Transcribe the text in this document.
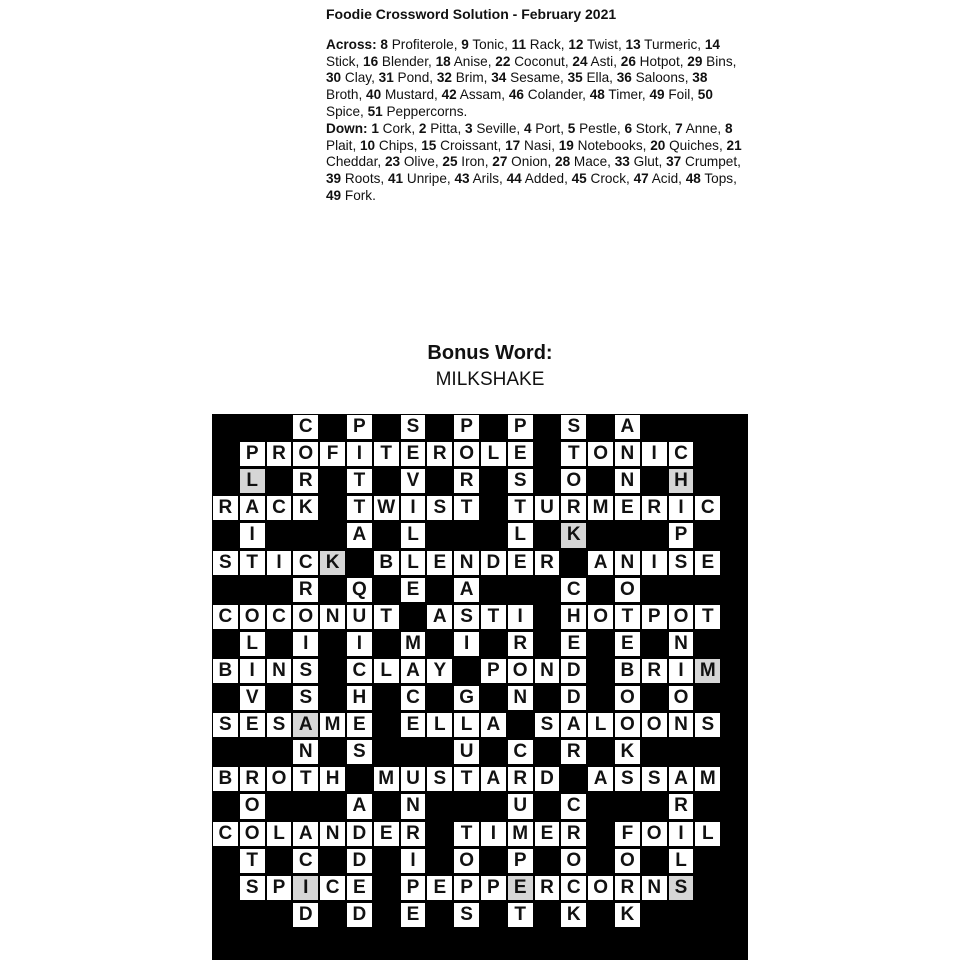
Foodie Crossword Solution - February 2021

Across: 8 Profiterole, 9 Tonic, 11 Rack, 12 Twist, 13 Turmeric, 14 Stick, 16 Blender, 18 Anise, 22 Coconut, 24 Asti, 26 Hotpot, 29 Bins, 30 Clay, 31 Pond, 32 Brim, 34 Sesame, 35 Ella, 36 Saloons, 38 Broth, 40 Mustard, 42 Assam, 46 Colander, 48 Timer, 49 Foil, 50 Spice, 51 Peppercorns.

Down: 1 Cork, 2 Pitta, 3 Seville, 4 Port, 5 Pestle, 6 Stork, 7 Anne, 8 Plait, 10 Chips, 15 Croissant, 17 Nasi, 19 Notebooks, 20 Quiches, 21 Cheddar, 23 Olive, 25 Iron, 27 Onion, 28 Mace, 33 Glut, 37 Crumpet, 39 Roots, 41 Unripe, 43 Arils, 44 Added, 45 Crock, 47 Acid, 48 Tops, 49 Fork.

Bonus Word:
MILKSHAKE
C	P	S	P	P	S	A
P R O F I T E R O L E	T O N I C
L	R	T	V	R	S	O	N	H
R A C K	T W I S T	T U R M E R I C
I	A	L	L	K	P
S T I C K	B L E N D E R	A N I S E
R	Q	E	A	C	O
C O C O N U T	A S T I	H O T P O T
L	I	I	M	I	R	E	E	N
B I N S	C L A Y	P O N D	B R I M
V	S	H	C	G	N	D	O	O
S E S A M E	E L L A	S A L O O N S
N	S	U	C	R	K
B R O T H	M U S T A R D	A S S A M
O	A	N	U	C	R
C O L A N D E R	T I M E R	F O I L
T	C	D	I	O	P	O	O	L
S P I C E	P E P P E R C O R N S
D	D	E	S	T	K	K
